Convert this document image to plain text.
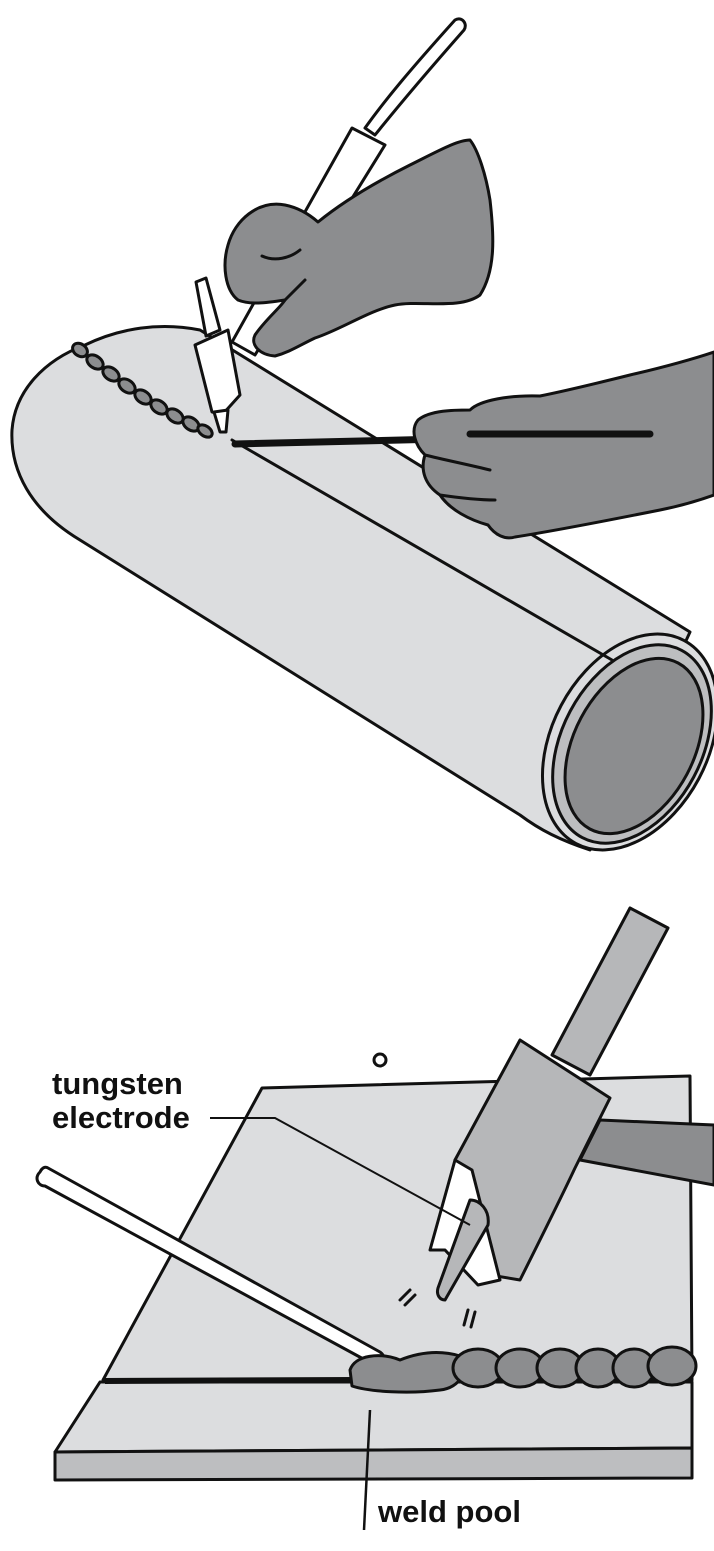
tungsten
electrode
weld pool
